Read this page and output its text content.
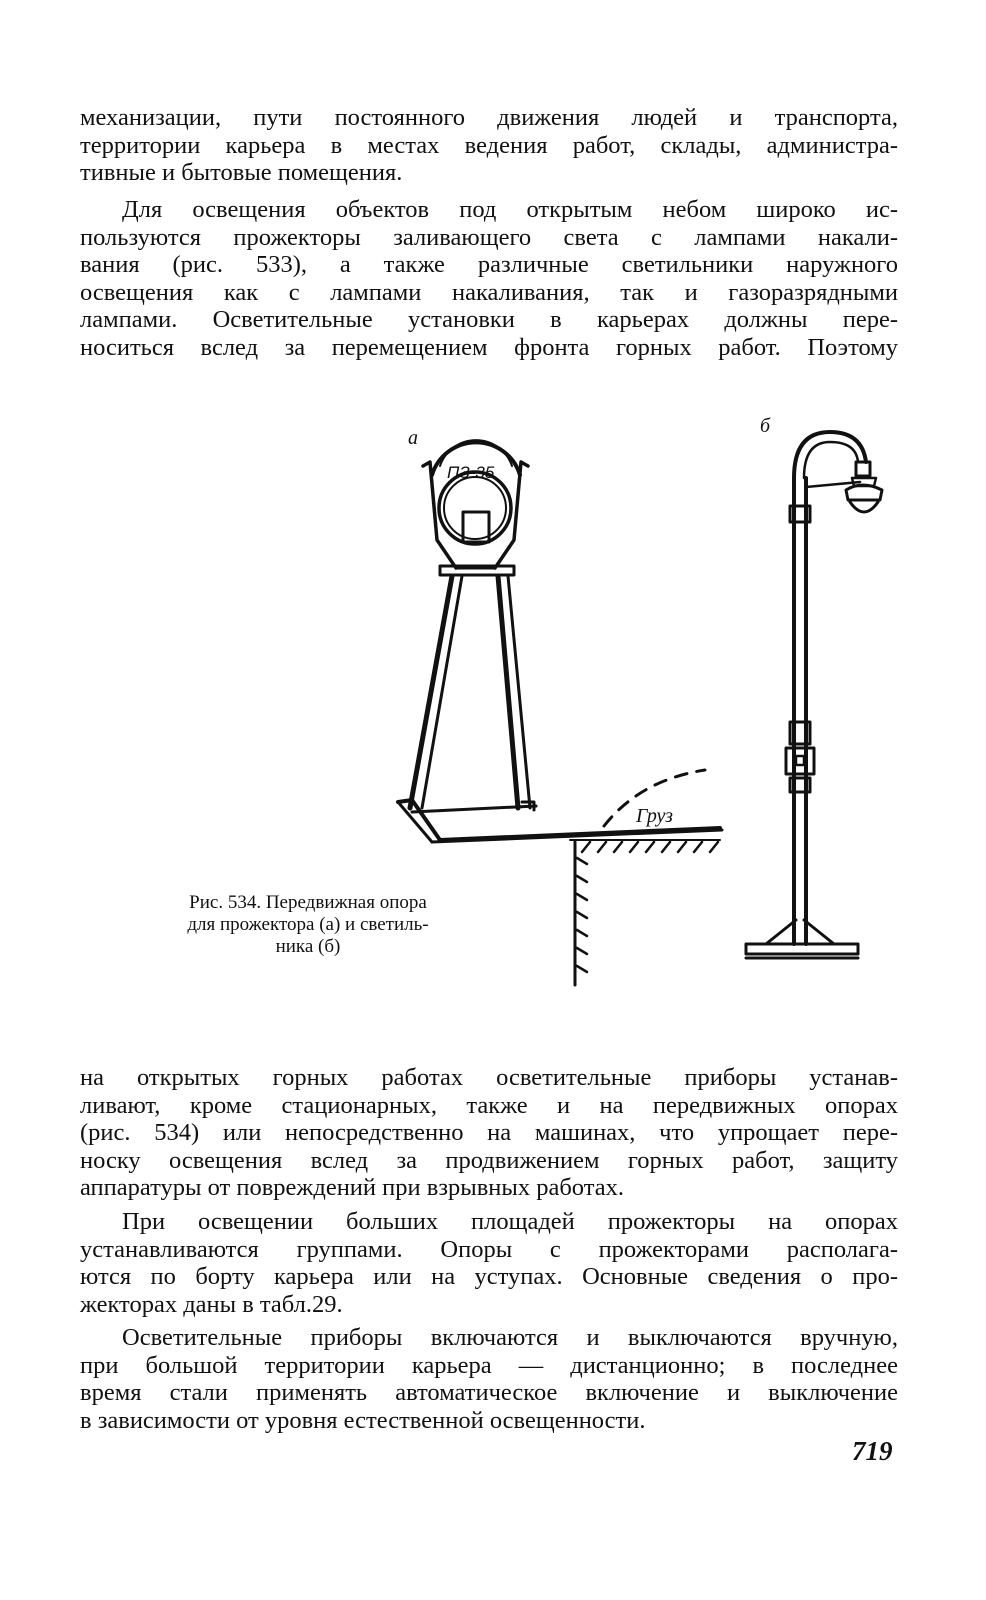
механизации, пути постоянного движения людей и транспорта,
территории карьера в местах ведения работ, склады, администра-
тивные и бытовые помещения.

Для освещения объектов под открытым небом широко ис-
пользуются прожекторы заливающего света с лампами накали-
вания (рис. 533), а также различные светильники наружного
освещения как с лампами накаливания, так и газоразрядными
лампами. Осветительные установки в карьерах должны пере-
носиться вслед за перемещением фронта горных работ. Поэтому

а
б
ПЗ-35
Груз
Рис. 534. Передвижная опора
для прожектора (а) и светиль-
ника (б)

на открытых горных работах осветительные приборы устанав-
ливают, кроме стационарных, также и на передвижных опорах
(рис. 534) или непосредственно на машинах, что упрощает пере-
носку освещения вслед за продвижением горных работ, защиту
аппаратуры от повреждений при взрывных работах.

При освещении больших площадей прожекторы на опорах
устанавливаются группами. Опоры с прожекторами располага-
ются по борту карьера или на уступах. Основные сведения о про-
жекторах даны в табл.29.

Осветительные приборы включаются и выключаются вручную,
при большой территории карьера — дистанционно; в последнее
время стали применять автоматическое включение и выключение
в зависимости от уровня естественной освещенности.

719
